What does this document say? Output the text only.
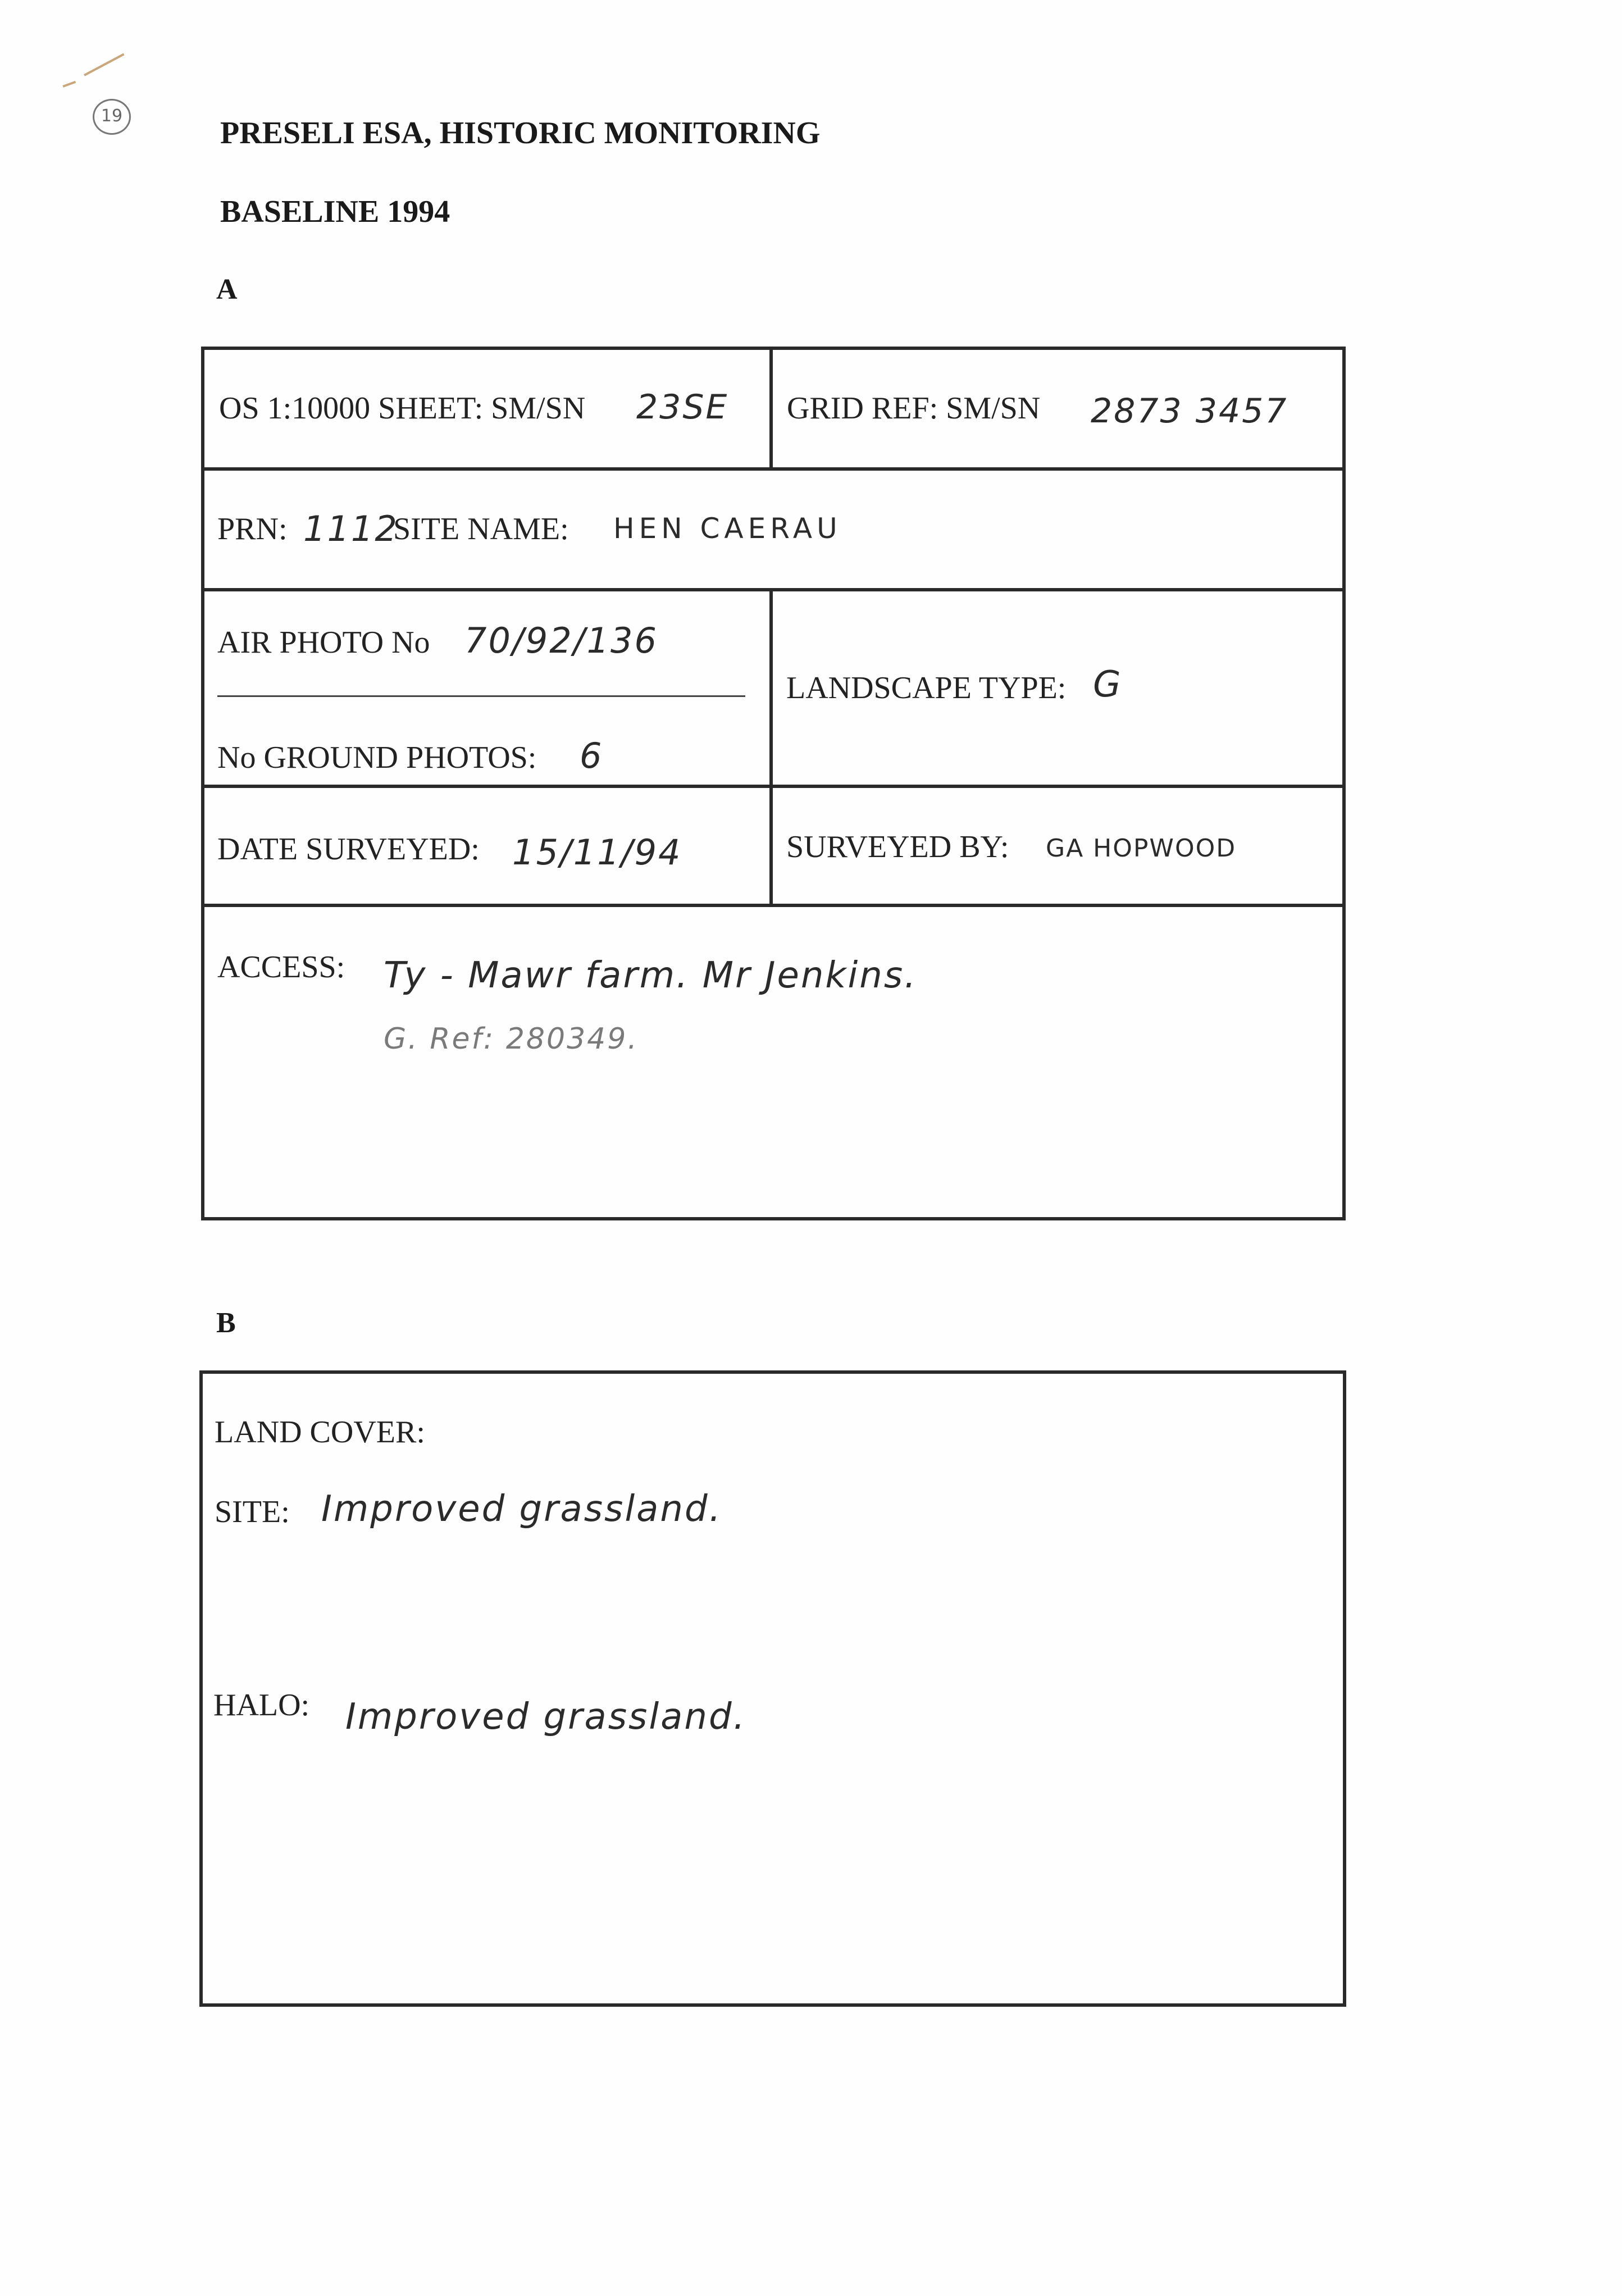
19	PRESELI ESA, HISTORIC MONITORING
BASELINE 1994
A
OS 1:10000 SHEET: SM/SN 23SE GRID REF: SM/SN 2873 3457
PRN: 1112
SITE NAME: HEN CAERAU
AIR PHOTO No 70/92/136
No GROUND PHOTOS: 6
LANDSCAPE TYPE: G
DATE SURVEYED: 15/11/94	SURVEYED BY: GA HOPWOOD
ACCESS: Ty - Mawr farm. Mr Jenkins.
G. Ref: 280349.
B
LAND COVER:
SITE: Improved grassland.
HALO: Improved grassland.
